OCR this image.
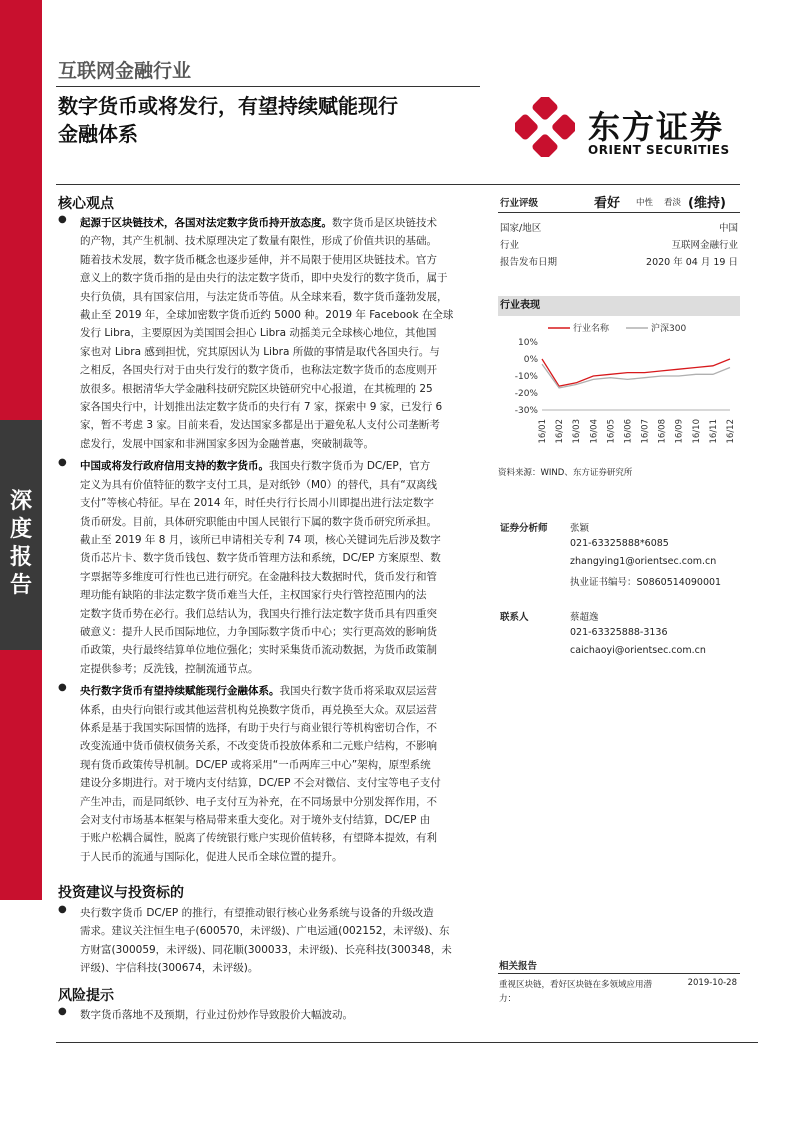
深
度
报
告
【行业·证券】
互联网金融行业
数字货币或将发行，有望持续赋能现行
金融体系	东方证券
ORIENT SECURITIES
核心观点
● 起源于区块链技术，各国对法定数字货币持开放态度。数字货币是区块链技术
的产物，其产生机制、技术原理决定了数量有限性，形成了价值共识的基础。
随着技术发展，数字货币概念也逐步延伸，并不局限于使用区块链技术。官方
意义上的数字货币指的是由央行的法定数字货币，即中央发行的数字货币，属于
央行负债，具有国家信用，与法定货币等值。从全球来看，数字货币蓬勃发展，
截止至 2019 年，全球加密数字货币近约 5000 种。2019 年 Facebook 在全球
发行 Libra，主要原因为美国国会担心 Libra 动摇美元全球核心地位，其他国
家也对 Libra 感到担忧，究其原因认为 Libra 所做的事情是取代各国央行。与
之相反，各国央行对于由央行发行的数字货币，也称法定数字货币的态度则开
放很多。根据清华大学金融科技研究院区块链研究中心报道，在其梳理的 25
家各国央行中，计划推出法定数字货币的央行有 7 家，探索中 9 家，已发行 6
家，暂不考虑 3 家。目前来看，发达国家多都是出于避免私人支付公司垄断考
虑发行，发展中国家和非洲国家多因为金融普惠，突破制裁等。
● 中国或将发行政府信用支持的数字货币。我国央行数字货币为 DC/EP，官方
定义为具有价值特征的数字支付工具，是对纸钞（M0）的替代，具有“双离线
支付”等核心特征。早在 2014 年，时任央行行长周小川即提出进行法定数字
货币研发。目前，具体研究职能由中国人民银行下属的数字货币研究所承担。
截止至 2019 年 8 月，该所已申请相关专利 74 项，核心关键词先后涉及数字
货币芯片卡、数字货币钱包、数字货币管理方法和系统，DC/EP 方案原型、数
字票据等多维度可行性也已进行研究。在金融科技大数据时代，货币发行和管
理功能有缺陷的非法定数字货币难当大任，主权国家行央行管控范围内的法
定数字货币势在必行。我们总结认为，我国央行推行法定数字货币具有四重突
破意义：提升人民币国际地位，力争国际数字货币中心；实行更高效的影响货
币政策，央行最终结算单位地位强化；实时采集货币流动数据，为货币政策制
定提供参考；反洗钱，控制流通节点。
● 央行数字货币有望持续赋能现行金融体系。我国央行数字货币将采取双层运营
体系，由央行向银行或其他运营机构兑换数字货币，再兑换至大众。双层运营
体系是基于我国实际国情的选择，有助于央行与商业银行等机构密切合作，不
改变流通中货币债权债务关系，不改变货币投放体系和二元账户结构，不影响
现有货币政策传导机制。DC/EP 或将采用“一币两库三中心”架构，原型系统
建设分多期进行。对于境内支付结算，DC/EP 不会对微信、支付宝等电子支付
产生冲击，而是同纸钞、电子支付互为补充，在不同场景中分别发挥作用，不
会对支付市场基本框架与格局带来重大变化。对于境外支付结算，DC/EP 由
于账户松耦合属性，脱离了传统银行账户实现价值转移，有望降本提效，有利
于人民币的流通与国际化，促进人民币全球位置的提升。
投资建议与投资标的
● 央行数字货币 DC/EP 的推行，有望推动银行核心业务系统与设备的升级改造
需求。建议关注恒生电子(600570，未评级)、广电运通(002152，未评级)、东
方财富(300059，未评级)、同花顺(300033，未评级)、长亮科技(300348，未
评级)、宇信科技(300674，未评级)。
风险提示
● 数字货币落地不及预期，行业过份炒作导致股价大幅波动。
行业评级	看好 中性 看淡 (维持)
国家/地区	中国
行业	互联网金融行业
报告发布日期	2020 年 04 月 19 日
行业表现
行业名称	沪深300
10%
0%
-10%
-20%
-30%
16/01 16/02 16/03 16/04 16/05 16/06 16/07 16/08 16/09 16/10 16/11 16/12
资料来源：WIND、东方证券研究所
证券分析师 张颖
021-63325888*6085
zhangying1@orientsec.com.cn
执业证书编号：S0860514090001
联系人	蔡超逸
021-63325888-3136
caichaoyi@orientsec.com.cn
相关报告
重视区块链，看好区块链在多领域应用潜	2019-10-28
力：
